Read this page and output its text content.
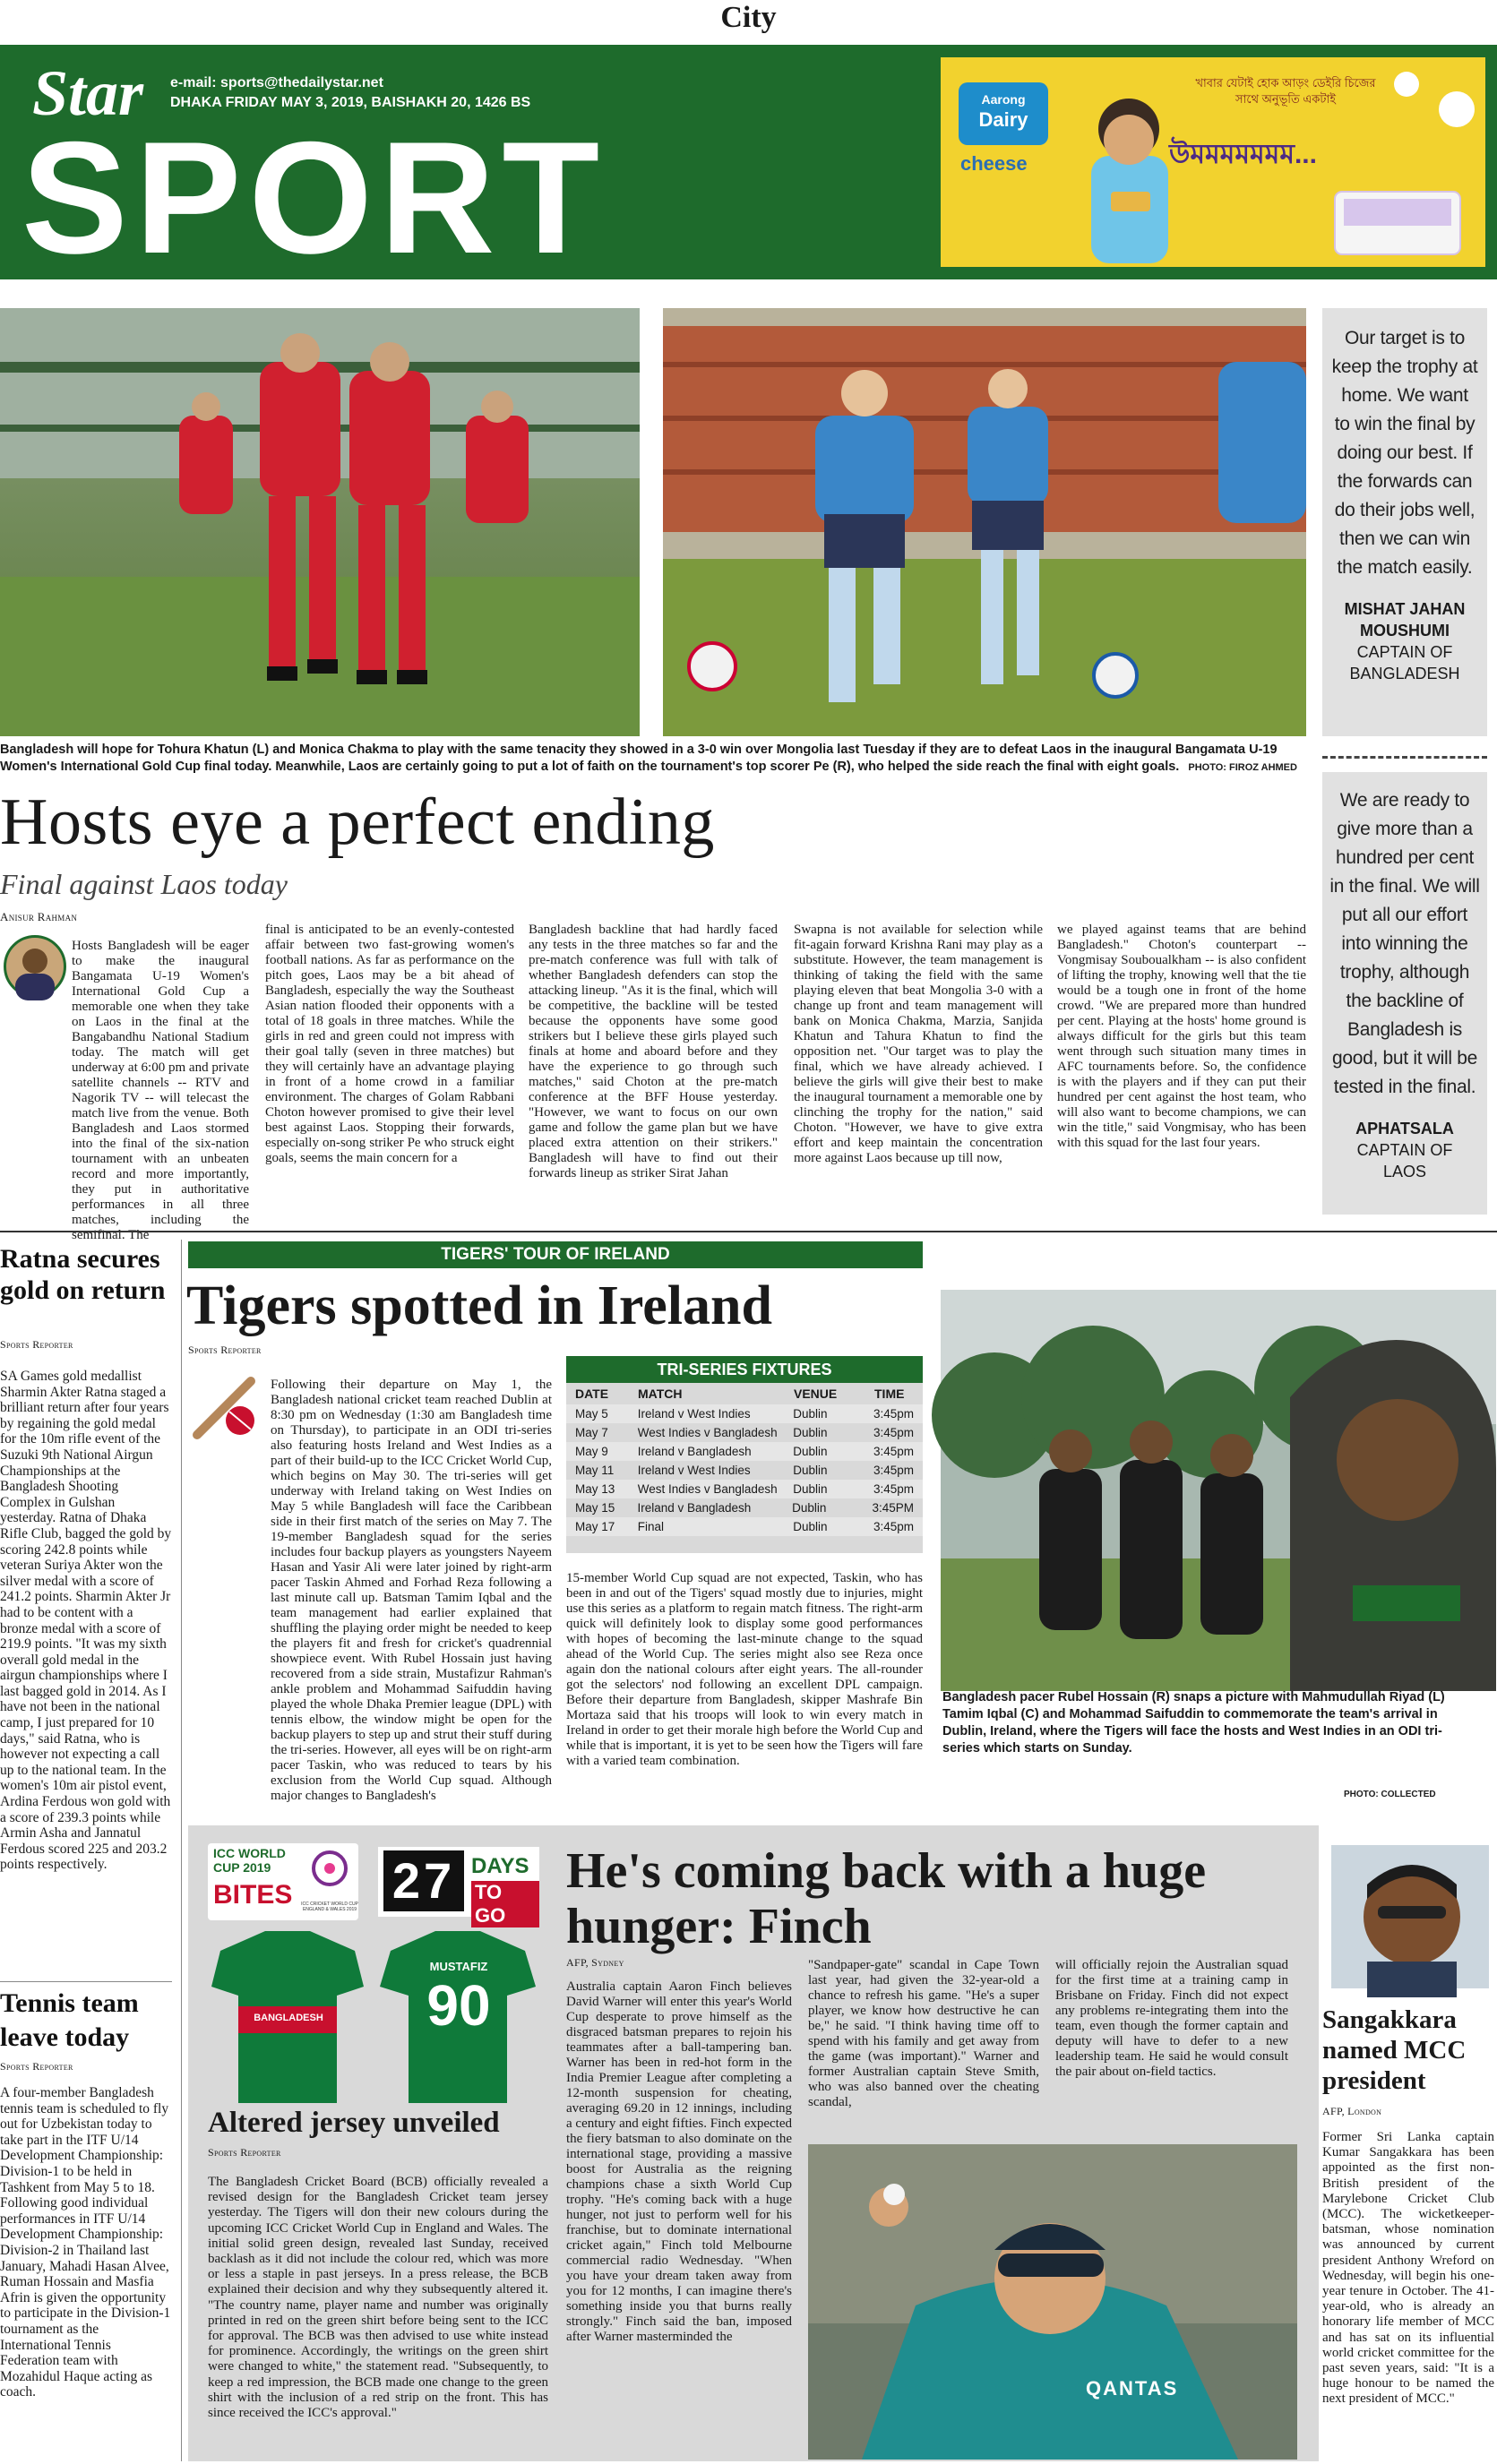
City
Star e-mail: sports@thedailystar.net
DHAKA FRIDAY MAY 3, 2019, BAISHAKH 20, 1426 BS
SPORT
Aarong
Dairy
cheese
খাবার যেটাই হোক আড়ং ডেইরি চিজের সাথে অনুভূতি একটাই
উমমমমমমম...
Bangladesh will hope for Tohura Khatun (L) and Monica Chakma to play with the same tenacity they showed in a 3-0 win over Mongolia last Tuesday if they are to defeat Laos in the inaugural Bangamata U-19 Women's International Gold Cup final today. Meanwhile, Laos are certainly going to put a lot of faith on the tournament's top scorer Pe (R), who helped the side reach the final with eight goals. PHOTO: FIROZ AHMED
Our target is to keep the trophy at home. We want to win the final by doing our best. If the forwards can do their jobs well, then we can win the match easily.
MISHAT JAHAN MOUSHUMI
CAPTAIN OF BANGLADESH
We are ready to give more than a hundred per cent in the final. We will put all our effort into winning the trophy, although the backline of Bangladesh is good, but it will be tested in the final.
APHATSALA
CAPTAIN OF LAOS
Hosts eye a perfect ending
Final against Laos today
Anisur Rahman

Hosts Bangladesh will be eager to make the inaugural Bangamata U-19 Women's International Gold Cup a memorable one when they take on Laos in the final at the Bangabandhu National Stadium today. The match will get underway at 6:00 pm and private satellite channels -- RTV and Nagorik TV -- will telecast the match live from the venue. Both Bangladesh and Laos stormed into the final of the six-nation tournament with an unbeaten record and more importantly, they put in authoritative performances in all three matches, including the semifinal. The

final is anticipated to be an evenly-contested affair between two fast-growing women's football nations. As far as performance on the pitch goes, Laos may be a bit ahead of Bangladesh, especially the way the Southeast Asian nation flooded their opponents with a total of 18 goals in three matches. While the girls in red and green could not impress with their goal tally (seven in three matches) but they will certainly have an advantage playing in front of a home crowd in a familiar environment. The charges of Golam Rabbani Choton however promised to give their level best against Laos. Stopping their forwards, especially on-song striker Pe who struck eight goals, seems the main concern for a

Bangladesh backline that had hardly faced any tests in the three matches so far and the pre-match conference was full with talk of whether Bangladesh defenders can stop the attacking lineup. "As it is the final, which will be competitive, the backline will be tested because the opponents have some good strikers but I believe these girls played such finals at home and aboard before and they have the experience to go through such matches," said Choton at the pre-match conference at the BFF House yesterday. "However, we want to focus on our own game and follow the game plan but we have placed extra attention on their strikers." Bangladesh will have to find out their forwards lineup as striker Sirat Jahan

Swapna is not available for selection while fit-again forward Krishna Rani may play as a substitute. However, the team management is thinking of taking the field with the same playing eleven that beat Mongolia 3-0 with a change up front and team management will bank on Monica Chakma, Marzia, Sanjida Khatun and Tahura Khatun to find the opposition net. "Our target was to play the final, which we have already achieved. I believe the girls will give their best to make the inaugural tournament a memorable one by clinching the trophy for the nation," said Choton. "However, we have to give extra effort and keep maintain the concentration more against Laos because up till now,

we played against teams that are behind Bangladesh." Choton's counterpart -- Vongmisay Souboualkham -- is also confident of lifting the trophy, knowing well that the tie would be a tough one in front of the home crowd. "We are prepared more than hundred per cent. Playing at the hosts' home ground is always difficult for the girls but this team went through such situation many times in AFC tournaments before. So, the confidence is with the players and if they can put their hundred per cent against the host team, who will also want to become champions, we can win the title," said Vongmisay, who has been with this squad for the last four years.

Ratna secures gold on return
Sports Reporter
SA Games gold medallist Sharmin Akter Ratna staged a brilliant return after four years by regaining the gold medal for the 10m rifle event of the Suzuki 9th National Airgun Championships at the Bangladesh Shooting Complex in Gulshan yesterday. Ratna of Dhaka Rifle Club, bagged the gold by scoring 242.8 points while veteran Suriya Akter won the silver medal with a score of 241.2 points. Sharmin Akter Jr had to be content with a bronze medal with a score of 219.9 points. "It was my sixth overall gold medal in the airgun championships where I last bagged gold in 2014. As I have not been in the national camp, I just prepared for 10 days," said Ratna, who is however not expecting a call up to the national team. In the women's 10m air pistol event, Ardina Ferdous won gold with a score of 239.3 points while Armin Asha and Jannatul Ferdous scored 225 and 203.2 points respectively.
Tennis team leave today
Sports Reporter
A four-member Bangladesh tennis team is scheduled to fly out for Uzbekistan today to take part in the ITF U/14 Development Championship: Division-1 to be held in Tashkent from May 5 to 18. Following good individual performances in ITF U/14 Development Championship: Division-2 in Thailand last January, Mahadi Hasan Alvee, Ruman Hossain and Masfia Afrin is given the opportunity to participate in the Division-1 tournament as the International Tennis Federation team with Mozahidul Haque acting as coach.
TIGERS' TOUR OF IRELAND
Tigers spotted in Ireland
Sports Reporter

Following their departure on May 1, the Bangladesh national cricket team reached Dublin at 8:30 pm on Wednesday (1:30 am Bangladesh time on Thursday), to participate in an ODI tri-series also featuring hosts Ireland and West Indies as a part of their build-up to the ICC Cricket World Cup, which begins on May 30. The tri-series will get underway with Ireland taking on West Indies on May 5 while Bangladesh will face the Caribbean side in their first match of the series on May 7. The 19-member Bangladesh squad for the series includes four backup players as youngsters Nayeem Hasan and Yasir Ali were later joined by right-arm pacer Taskin Ahmed and Forhad Reza following a last minute call up. Batsman Tamim Iqbal and the team management had earlier explained that shuffling the playing order might be needed to keep the players fit and fresh for cricket's quadrennial showpiece event. With Rubel Hossain just having recovered from a side strain, Mustafizur Rahman's ankle problem and Mohammad Saifuddin having played the whole Dhaka Premier league (DPL) with tennis elbow, the window might be open for the backup players to step up and strut their stuff during the tri-series. However, all eyes will be on right-arm pacer Taskin, who was reduced to tears by his exclusion from the World Cup squad. Although major changes to Bangladesh's

TRI-SERIES FIXTURES
DATE	MATCH	VENUE	TIME
May 5	Ireland v West Indies	Dublin	3:45pm
May 7	West Indies v Bangladesh	Dublin	3:45pm
May 9	Ireland v Bangladesh	Dublin	3:45pm
May 11	Ireland v West Indies	Dublin	3:45pm
May 13	West Indies v Bangladesh	Dublin	3:45pm
May 15	Ireland v Bangladesh	Dublin	3:45PM
May 17	Final	Dublin	3:45pm

15-member World Cup squad are not expected, Taskin, who has been in and out of the Tigers' squad mostly due to injuries, might use this series as a platform to regain match fitness. The right-arm quick will definitely look to display some good performances with hopes of becoming the last-minute change to the squad ahead of the World Cup. The series might also see Reza once again don the national colours after eight years. The all-rounder got the selectors' nod following an excellent DPL campaign. Before their departure from Bangladesh, skipper Mashrafe Bin Mortaza said that his troops will look to win every match in Ireland in order to get their morale high before the World Cup and while that is important, it is yet to be seen how the Tigers will fare with a varied team combination.

Bangladesh pacer Rubel Hossain (R) snaps a picture with Mahmudullah Riyad (L) Tamim Iqbal (C) and Mohammad Saifuddin to commemorate the team's arrival in Dublin, Ireland, where the Tigers will face the hosts and West Indies in an ODI tri-series which starts on Sunday.
PHOTO: COLLECTED
ICC WORLD
CUP 2019
BITES ICC CRICKET WORLD CUP ENGLAND & WALES 2019
27 DAYS
TO GO
BANGLADESH
MUSTAFIZ
90
Altered jersey unveiled
Sports Reporter
The Bangladesh Cricket Board (BCB) officially revealed a revised design for the Bangladesh Cricket team jersey yesterday. The Tigers will don their new colours during the upcoming ICC Cricket World Cup in England and Wales. The initial solid green design, revealed last Sunday, received backlash as it did not include the colour red, which was more or less a staple in past jerseys. In a press release, the BCB explained their decision and why they subsequently altered it. "The country name, player name and number was originally printed in red on the green shirt before being sent to the ICC for approval. The BCB was then advised to use white instead for prominence. Accordingly, the writings on the green shirt were changed to white," the statement read. "Subsequently, to keep a red impression, the BCB made one change to the green shirt with the inclusion of a red strip on the front. This has since received the ICC's approval."
He's coming back with a huge hunger: Finch
AFP, Sydney

Australia captain Aaron Finch believes David Warner will enter this year's World Cup desperate to prove himself as the disgraced batsman prepares to rejoin his teammates after a ball-tampering ban. Warner has been in red-hot form in the India Premier League after completing a 12-month suspension for cheating, averaging 69.20 in 12 innings, including a century and eight fifties. Finch expected the fiery batsman to also dominate on the international stage, providing a massive boost for Australia as the reigning champions chase a sixth World Cup trophy. "He's coming back with a huge hunger, not just to perform well for his franchise, but to dominate international cricket again," Finch told Melbourne commercial radio Wednesday. "When you have your dream taken away from you for 12 months, I can imagine there's something inside you that burns really strongly." Finch said the ban, imposed after Warner masterminded the

"Sandpaper-gate" scandal in Cape Town last year, had given the 32-year-old a chance to refresh his game. "He's a super player, we know how destructive he can be," he said. "I think having time off to spend with his family and get away from the game (was important)." Warner and former Australian captain Steve Smith, who was also banned over the cheating scandal,

will officially rejoin the Australian squad for the first time at a training camp in Brisbane on Friday. Finch did not expect any problems re-integrating them into the team, even though the former captain and deputy will have to defer to a new leadership team. He said he would consult the pair about on-field tactics.

QANTAS
Sangakkara named MCC president
AFP, London
Former Sri Lanka captain Kumar Sangakkara has been appointed as the first non-British president of the Marylebone Cricket Club (MCC). The wicketkeeper-batsman, whose nomination was announced by current president Anthony Wreford on Wednesday, will begin his one-year tenure in October. The 41-year-old, who is already an honorary life member of MCC and has sat on its influential world cricket committee for the past seven years, said: "It is a huge honour to be named the next president of MCC."
